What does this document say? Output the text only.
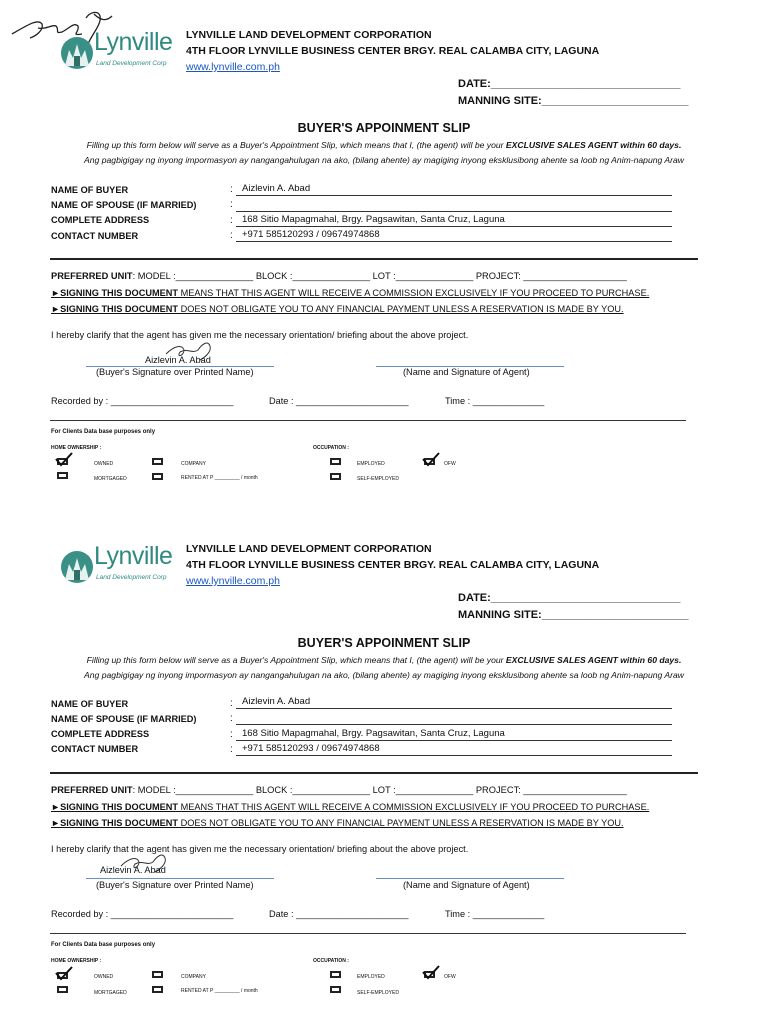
Lynville
Land Development Corp
LYNVILLE LAND DEVELOPMENT CORPORATION
4TH FLOOR LYNVILLE BUSINESS CENTER BRGY. REAL CALAMBA CITY, LAGUNA
www.lynville.com.ph
DATE:_______________________________
MANNING SITE:________________________
BUYER'S APPOINMENT SLIP
Filling up this form below will serve as a Buyer's Appointment Slip, which means that I, (the agent) will be your EXCLUSIVE SALES AGENT within 60 days.
Ang pagbigigay ng inyong impormasyon ay nangangahulugan na ako, (bilang ahente) ay magiging inyong eksklusibong ahente sa loob ng Anim-napung Araw
NAME OF BUYER	: Aizlevin A. Abad
NAME OF SPOUSE (IF MARRIED)	:
COMPLETE ADDRESS	: 168 Sitio Mapagmahal, Brgy. Pagsawitan, Santa Cruz, Laguna
CONTACT NUMBER	: +971 585120293 / 09674974868
PREFERRED UNIT: MODEL :_______________ BLOCK :_______________ LOT :_______________ PROJECT: ____________________
►SIGNING THIS DOCUMENT MEANS THAT THIS AGENT WILL RECEIVE A COMMISSION EXCLUSIVELY IF YOU PROCEED TO PURCHASE.
►SIGNING THIS DOCUMENT DOES NOT OBLIGATE YOU TO ANY FINANCIAL PAYMENT UNLESS A RESERVATION IS MADE BY YOU.
I hereby clarify that the agent has given me the necessary orientation/ briefing about the above project.
Aizlevin A. Abad
(Buyer's Signature over Printed Name)	(Name and Signature of Agent)
Recorded by : ________________________	Date : ______________________	Time : ______________
For Clients Data base purposes only
HOME OWNERSHIP :	OCCUPATION :
OWNED
MORTGAGED
COMPANY
RENTED AT P _________ / month
EMPLOYED
SELF-EMPLOYED
OFW
Lynville
Land Development Corp
LYNVILLE LAND DEVELOPMENT CORPORATION
4TH FLOOR LYNVILLE BUSINESS CENTER BRGY. REAL CALAMBA CITY, LAGUNA
www.lynville.com.ph
DATE:_______________________________
MANNING SITE:________________________
BUYER'S APPOINMENT SLIP
Filling up this form below will serve as a Buyer's Appointment Slip, which means that I, (the agent) will be your EXCLUSIVE SALES AGENT within 60 days.
Ang pagbigigay ng inyong impormasyon ay nangangahulugan na ako, (bilang ahente) ay magiging inyong eksklusibong ahente sa loob ng Anim-napung Araw
NAME OF BUYER	: Aizlevin A. Abad
NAME OF SPOUSE (IF MARRIED)	:
COMPLETE ADDRESS	: 168 Sitio Mapagmahal, Brgy. Pagsawitan, Santa Cruz, Laguna
CONTACT NUMBER	: +971 585120293 / 09674974868
PREFERRED UNIT: MODEL :_______________ BLOCK :_______________ LOT :_______________ PROJECT: ____________________
►SIGNING THIS DOCUMENT MEANS THAT THIS AGENT WILL RECEIVE A COMMISSION EXCLUSIVELY IF YOU PROCEED TO PURCHASE.
►SIGNING THIS DOCUMENT DOES NOT OBLIGATE YOU TO ANY FINANCIAL PAYMENT UNLESS A RESERVATION IS MADE BY YOU.
I hereby clarify that the agent has given me the necessary orientation/ briefing about the above project.
Aizlevin A. Abad
(Buyer's Signature over Printed Name)	(Name and Signature of Agent)
Recorded by : ________________________	Date : ______________________	Time : ______________
For Clients Data base purposes only
HOME OWNERSHIP :	OCCUPATION :
OWNED
MORTGAGED
COMPANY
RENTED AT P _________ / month
EMPLOYED
SELF-EMPLOYED
OFW
